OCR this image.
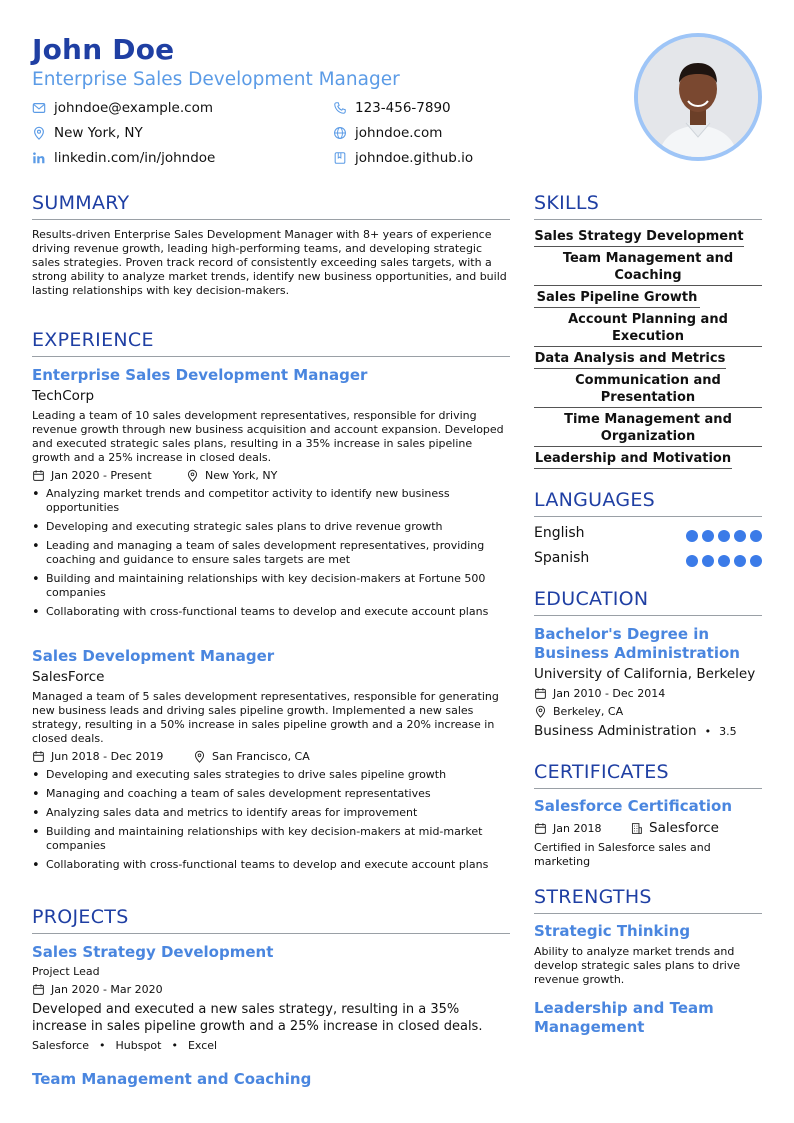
John Doe
Enterprise Sales Development Manager
johndoe@example.com	123-456-7890
New York, NY	johndoe.com
linkedin.com/in/johndoe	johndoe.github.io
SUMMARY
Results-driven Enterprise Sales Development Manager with 8+ years of experience driving revenue growth, leading high-performing teams, and developing strategic sales strategies. Proven track record of consistently exceeding sales targets, with a strong ability to analyze market trends, identify new business opportunities, and build lasting relationships with key decision-makers.
EXPERIENCE
Enterprise Sales Development Manager
TechCorp
Leading a team of 10 sales development representatives, responsible for driving revenue growth through new business acquisition and account expansion. Developed and executed strategic sales plans, resulting in a 35% increase in sales pipeline growth and a 25% increase in closed deals.
Jan 2020 - Present	New York, NY
• Analyzing market trends and competitor activity to identify new business opportunities
• Developing and executing strategic sales plans to drive revenue growth
• Leading and managing a team of sales development representatives, providing coaching and guidance to ensure sales targets are met
• Building and maintaining relationships with key decision-makers at Fortune 500 companies
• Collaborating with cross-functional teams to develop and execute account plans
Sales Development Manager
SalesForce
Managed a team of 5 sales development representatives, responsible for generating new business leads and driving sales pipeline growth. Implemented a new sales strategy, resulting in a 50% increase in sales pipeline growth and a 20% increase in closed deals.
Jun 2018 - Dec 2019	San Francisco, CA
• Developing and executing sales strategies to drive sales pipeline growth
• Managing and coaching a team of sales development representatives
• Analyzing sales data and metrics to identify areas for improvement
• Building and maintaining relationships with key decision-makers at mid-market companies
• Collaborating with cross-functional teams to develop and execute account plans
PROJECTS
Sales Strategy Development
Project Lead
Jan 2020 - Mar 2020
Developed and executed a new sales strategy, resulting in a 35% increase in sales pipeline growth and a 25% increase in closed deals.
Salesforce • Hubspot • Excel
Team Management and Coaching
SKILLS
Sales Strategy Development
Team Management and Coaching
Sales Pipeline Growth
Account Planning and Execution
Data Analysis and Metrics
Communication and Presentation
Time Management and Organization
Leadership and Motivation
LANGUAGES
English
Spanish
EDUCATION
Bachelor's Degree in Business Administration
University of California, Berkeley
Jan 2010 - Dec 2014
Berkeley, CA
Business Administration • 3.5
CERTIFICATES
Salesforce Certification
Jan 2018	Salesforce
Certified in Salesforce sales and marketing
STRENGTHS
Strategic Thinking
Ability to analyze market trends and develop strategic sales plans to drive revenue growth.
Leadership and Team Management
